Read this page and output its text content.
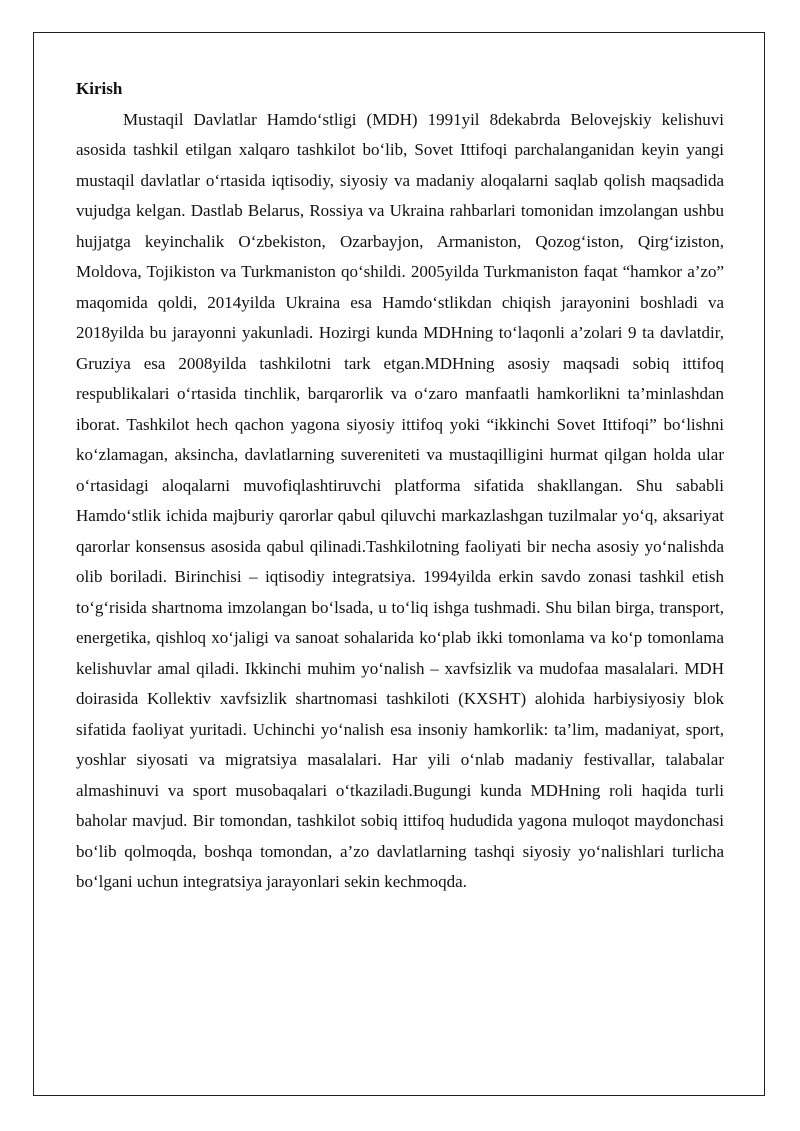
Kirish

Mustaqil Davlatlar Hamdo‘stligi (MDH) 1991yil 8dekabrda Belovejskiy kelishuvi asosida tashkil etilgan xalqaro tashkilot bo‘lib, Sovet Ittifoqi parchalanganidan keyin yangi mustaqil davlatlar o‘rtasida iqtisodiy, siyosiy va madaniy aloqalarni saqlab qolish maqsadida vujudga kelgan. Dastlab Belarus, Rossiya va Ukraina rahbarlari tomonidan imzolangan ushbu hujjatga keyinchalik O‘zbekiston, Ozarbayjon, Armaniston, Qozog‘iston, Qirg‘iziston, Moldova, Tojikiston va Turkmaniston qo‘shildi. 2005yilda Turkmaniston faqat “hamkor a’zo” maqomida qoldi, 2014yilda Ukraina esa Hamdo‘stlikdan chiqish jarayonini boshladi va 2018yilda bu jarayonni yakunladi. Hozirgi kunda MDHning to‘laqonli a’zolari 9 ta davlatdir, Gruziya esa 2008yilda tashkilotni tark etgan.MDHning asosiy maqsadi sobiq ittifoq respublikalari o‘rtasida tinchlik, barqarorlik va o‘zaro manfaatli hamkorlikni ta’minlashdan iborat. Tashkilot hech qachon yagona siyosiy ittifoq yoki “ikkinchi Sovet Ittifoqi” bo‘lishni ko‘zlamagan, aksincha, davlatlarning suvereniteti va mustaqilligini hurmat qilgan holda ular o‘rtasidagi aloqalarni muvofiqlashtiruvchi platforma sifatida shakllangan. Shu sababli Hamdo‘stlik ichida majburiy qarorlar qabul qiluvchi markazlashgan tuzilmalar yo‘q, aksariyat qarorlar konsensus asosida qabul qilinadi.Tashkilotning faoliyati bir necha asosiy yo‘nalishda olib boriladi. Birinchisi – iqtisodiy integratsiya. 1994yilda erkin savdo zonasi tashkil etish to‘g‘risida shartnoma imzolangan bo‘lsada, u to‘liq ishga tushmadi. Shu bilan birga, transport, energetika, qishloq xo‘jaligi va sanoat sohalarida ko‘plab ikki tomonlama va ko‘p tomonlama kelishuvlar amal qiladi. Ikkinchi muhim yo‘nalish – xavfsizlik va mudofaa masalalari. MDH doirasida Kollektiv xavfsizlik shartnomasi tashkiloti (KXSHT) alohida harbiysiyosiy blok sifatida faoliyat yuritadi. Uchinchi yo‘nalish esa insoniy hamkorlik: ta’lim, madaniyat, sport, yoshlar siyosati va migratsiya masalalari. Har yili o‘nlab madaniy festivallar, talabalar almashinuvi va sport musobaqalari o‘tkaziladi.Bugungi kunda MDHning roli haqida turli baholar mavjud. Bir tomondan, tashkilot sobiq ittifoq hududida yagona muloqot maydonchasi bo‘lib qolmoqda, boshqa tomondan, a’zo davlatlarning tashqi siyosiy yo‘nalishlari turlicha bo‘lgani uchun integratsiya jarayonlari sekin kechmoqda.
